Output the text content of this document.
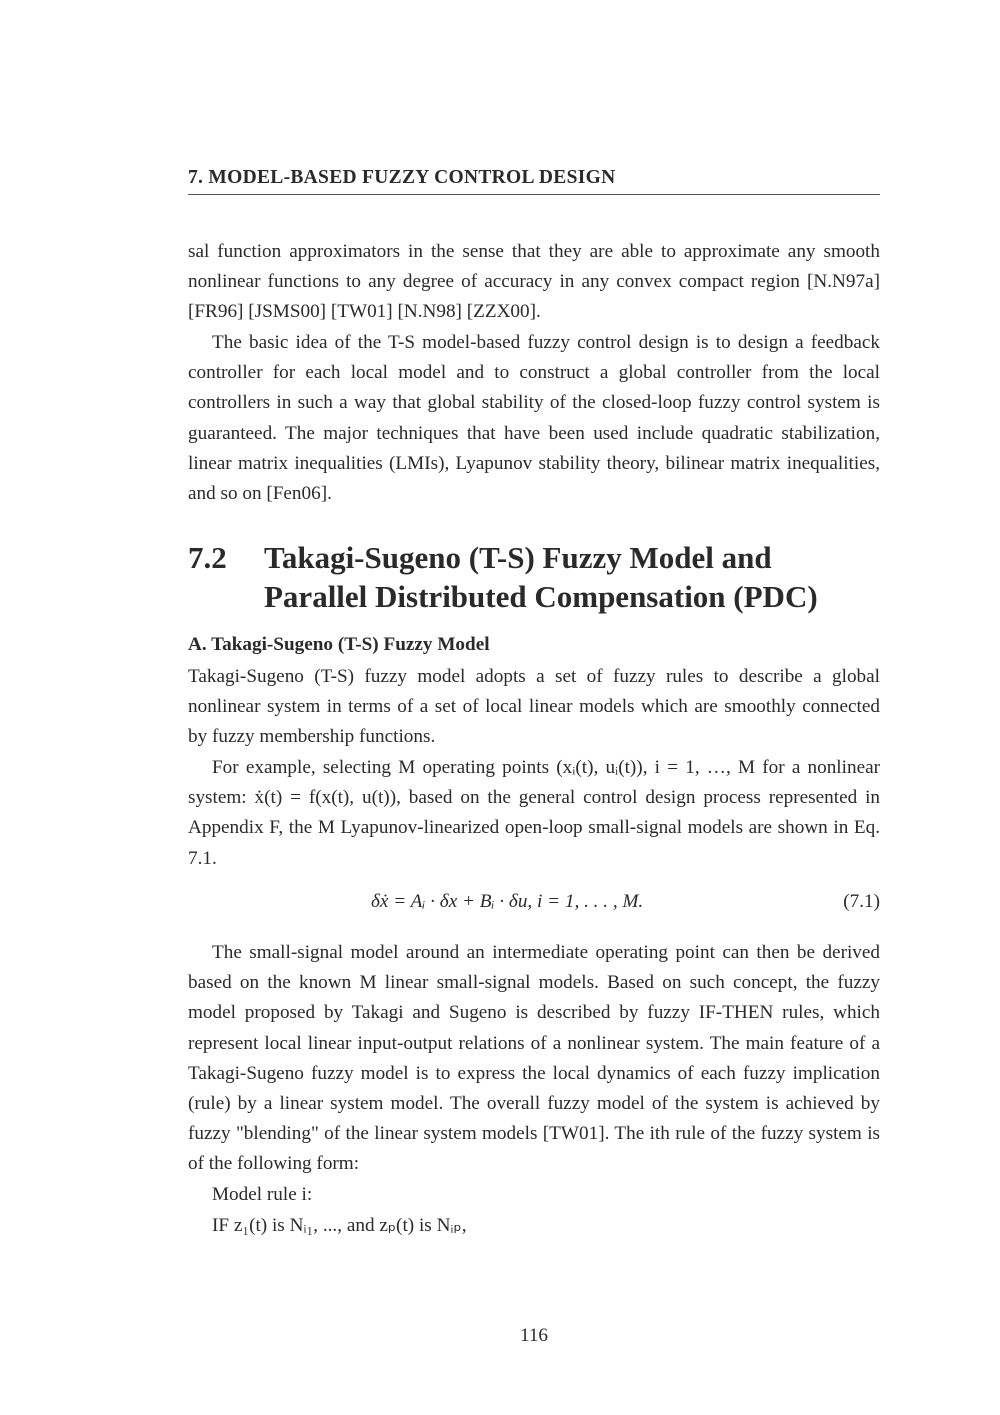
7. MODEL-BASED FUZZY CONTROL DESIGN

sal function approximators in the sense that they are able to approximate any smooth nonlinear functions to any degree of accuracy in any convex compact region [N.N97a] [FR96] [JSMS00] [TW01] [N.N98] [ZZX00].

The basic idea of the T-S model-based fuzzy control design is to design a feedback controller for each local model and to construct a global controller from the local controllers in such a way that global stability of the closed-loop fuzzy control system is guaranteed. The major techniques that have been used include quadratic stabilization, linear matrix inequalities (LMIs), Lyapunov stability theory, bilinear matrix inequalities, and so on [Fen06].

7.2 Takagi-Sugeno (T-S) Fuzzy Model and Parallel Distributed Compensation (PDC)
A. Takagi-Sugeno (T-S) Fuzzy Model

Takagi-Sugeno (T-S) fuzzy model adopts a set of fuzzy rules to describe a global nonlinear system in terms of a set of local linear models which are smoothly connected by fuzzy membership functions.

For example, selecting M operating points (xᵢ(t), uᵢ(t)), i = 1, …, M for a nonlinear system: ẋ(t) = f(x(t), u(t)), based on the general control design process represented in Appendix F, the M Lyapunov-linearized open-loop small-signal models are shown in Eq. 7.1.

δẋ = Aᵢ · δx + Bᵢ · δu, i = 1, . . . , M.	(7.1)

The small-signal model around an intermediate operating point can then be derived based on the known M linear small-signal models. Based on such concept, the fuzzy model proposed by Takagi and Sugeno is described by fuzzy IF-THEN rules, which represent local linear input-output relations of a nonlinear system. The main feature of a Takagi-Sugeno fuzzy model is to express the local dynamics of each fuzzy implication (rule) by a linear system model. The overall fuzzy model of the system is achieved by fuzzy "blending" of the linear system models [TW01]. The ith rule of the fuzzy system is of the following form:

Model rule i:

IF z₁(t) is Nᵢ₁, ..., and zₚ(t) is Nᵢₚ,

116
